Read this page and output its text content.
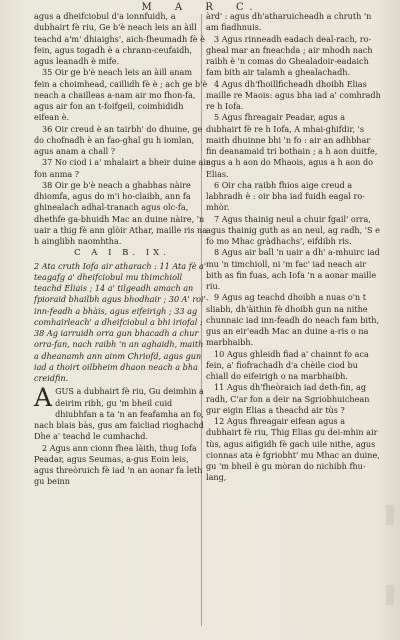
M A R C.
agus a dheifciobul d'a ionnfuidh, a dubhairt fè riu, Ge b'è neach leis an àill teachd a'm' dhiaighs', aich-fheumadh fè è fein, agus togadh è a chrann-ceufaidh, agus leanadh è mife.
35 Oir ge b'è neach leis an àill anam fein a choimhead, caillidh fè è ; ach ge b'è neach a chailleas a-nam air mo fhon-fa, agus air fon an t-foifgeil, coimhididh eifean è.
36 Oir creud è an tairbh' do dhuine, ge do chofnadh è an fao-ghal gu h iomlan, agus anam a chall ?
37 No ciod i a' mhalairt a bheir duine air fon anma ?
38 Oir ge b'è neach a ghabhas nàire dhiomfa, agus do m'i ho-claibh, ann fa ghinealach adhal-tranach agus olc-fa, dhethfe ga-bhuidh Mac an duine nàire, 'n uair a thig fè ann glòir Athar, maille ris na h ainglibh naomhtha.
C A I B. IX.
2 Ata cruth Iofa air atharach : 11 Ata fè a' teagafg a' dheifciobul mu thimchioll teachd Eliais ; 14 a' tilgeadh amach an fpioraid bhailbh agus bhodhair ; 30 A' roi'-inn-feadh a bhàis, agus eifeirigh ; 33 ag comhairleach' a dheifciobul a bhi iriofal : 38 Ag iarruidh orra gun bhacadh a chur orra-fan, nach raibh 'n an aghaidh, maith a dheanamh ann ainm Chriofd, agus gun iad a thoirt oilbheim dhaon neach a bha creidfin.
A GUS a dubhairt fè riu, Gu deimhin a deirim ribh, gu 'm bheil cuid dhiubhfan a ta 'n an feafamha an fo, nach blais bàs, gus am faicliad rioghachd Dhe a' teachd le cumhachd.
2 Agus ann cionn fhea làith, thug Iofa Peadar, agus Seumas, a-gus Eoin leis, agus threòruich fè iad 'n an aonar fa leth gu beinn
àrd' : agus dh'atharuicheadh a chruth 'n am fiadhnuis.
3 Agus rinneadh eadach deal-rach, ro-gheal mar an fneachda ; air mhodh nach raibh è 'n comas do Ghealadoir-eadaich fam bith air talamh a ghealachadh.
4 Agus dh'fhoillficheadh dhoibh Elias maille re Maois: agus bha iad a' comhradh re h Iofa.
5 Agus fhreagair Peadar, agus a dubhairt fè re h Iofa, A mhai-ghifdir, 's maith dhuinne bhi 'n fo : air an adhbhar fin deanamaid tri bothain ; a h aon duitfe, agus a h aon do Mhaois, agus a h aon do Elias.
6 Oir cha raibh fhios aige creud a labhradh è : oir bha iad fuidh eagal ro-mhòr.
7 Agus thainig neul a chuir fgail' orra, agus thainig guth as an neul, ag radh, 'S e fo mo Mhac gràdhachs', eifdibh ris.
8 Agus air ball 'n uair a dh' a-mhuirc iad mu 'n timchioll, ni 'm fac' iad neach air bith as fin fuas, ach Iofa 'n a aonar maille riu.
9 Agus ag teachd dhoibh a nuas o'n t sliabh, dh'àithin fè dhoibh gun na nithe chunnaic iad inn-feadh do neach fam bith, gus an eir'eadh Mac an duine a-ris o na marbhaibh.
10 Agus ghleidh fiad a' chainnt fo aca fein, a' fiofrachadh d'a chèile ciod bu chiall do eifeirigh o na marbhaibh.
11 Agus dh'fheòraich iad deth-fin, ag radh, C'ar fon a deir na Sgriobhuichean gur eigin Elias a theachd air tùs ?
12 Agus fhreagair eifean agus a dubhairt fè riu, Thig Elias gu dei-mhin air tùs, agus aifigidh fè gach uile nithe, agus cionnas ata è fgriobht' mu Mhac an duine, gu 'm bheil è gu mòran do nichibh fhu-lang,
